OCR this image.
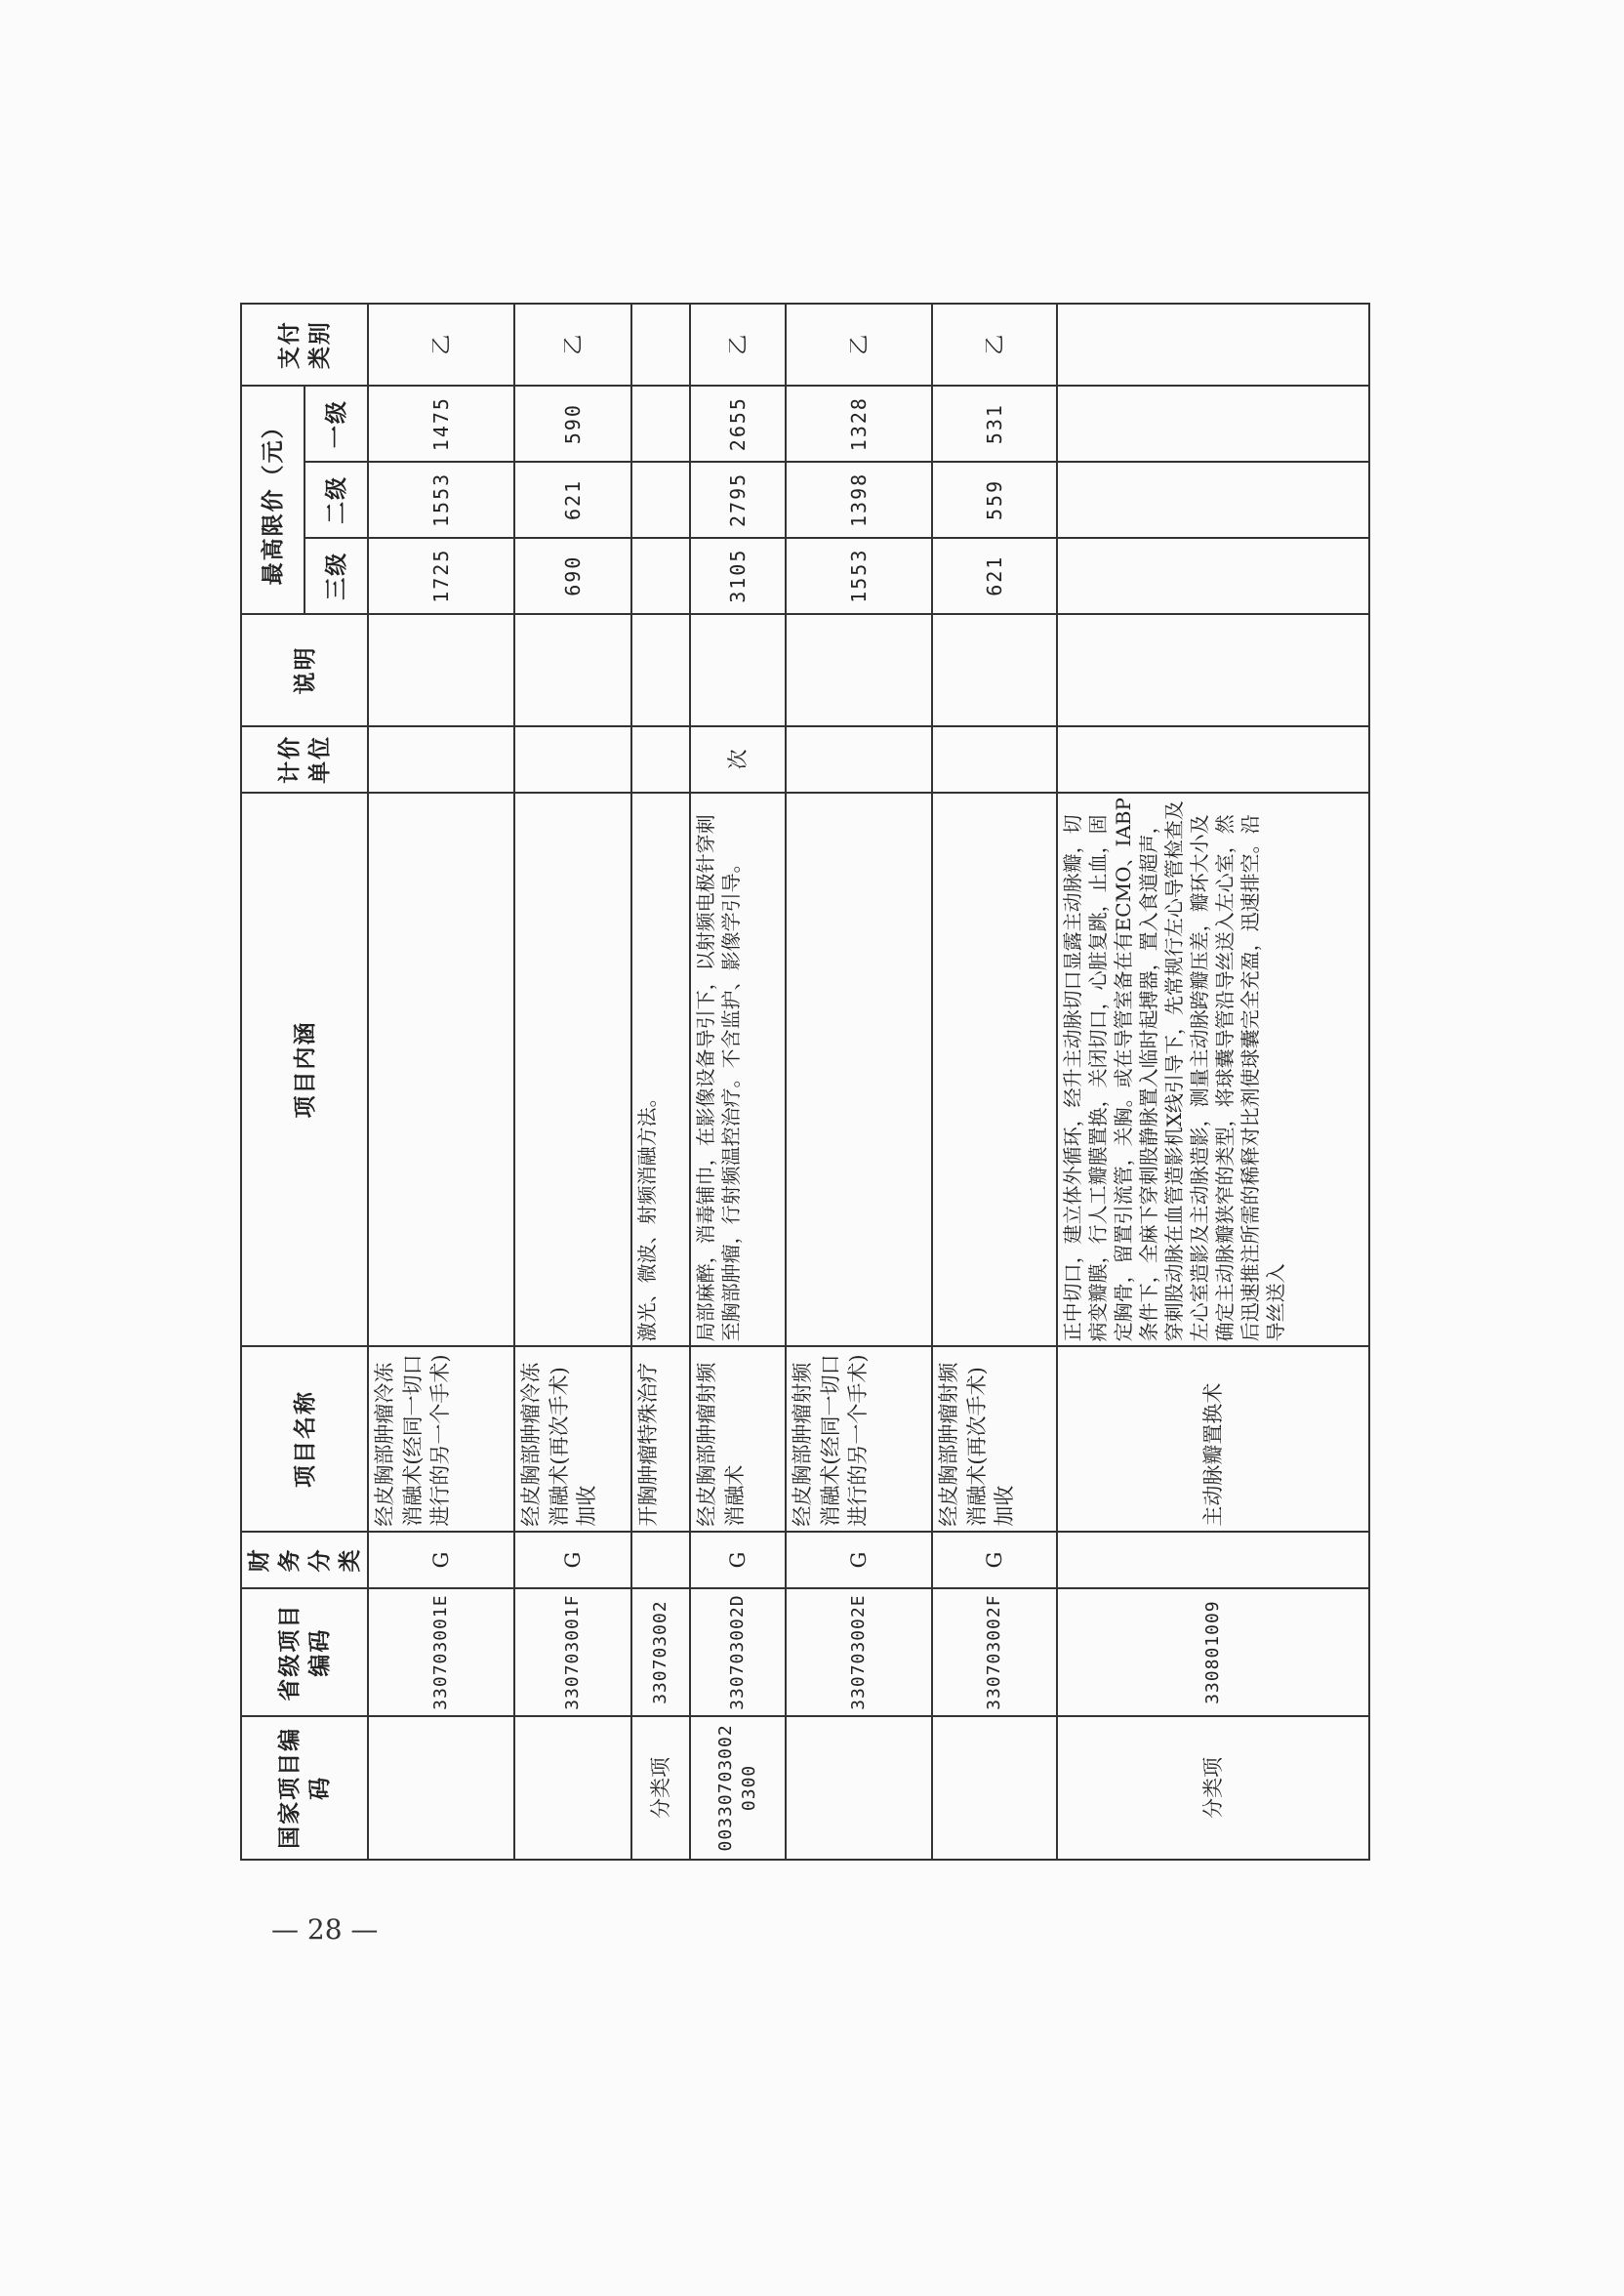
国家项目编码	省级项目编码	财务分类	项目名称	项目内涵	计价单位	说明	最高限价（元）			支付类别
							三级	二级	一级	
	330703001E	G	经皮胸部肿瘤冷冻消融术(经同一切口进行的另一个手术)				1725	1553	1475	乙
	330703001F	G	经皮胸部肿瘤冷冻消融术(再次手术)加收				690	621	590	乙
分类项	330703002		开胸肿瘤特殊治疗	激光、微波、射频消融方法。						
003307030020300	330703002D	G	经皮胸部肿瘤射频消融术	局部麻醉，消毒铺巾，在影像设备导引下，以射频电极针穿刺至胸部肿瘤，行射频温控治疗。不含监护、影像学引导。	次		3105	2795	2655	乙
	330703002E	G	经皮胸部肿瘤射频消融术(经同一切口进行的另一个手术)				1553	1398	1328	乙
	330703002F	G	经皮胸部肿瘤射频消融术(再次手术)加收				621	559	531	乙
分类项	330801009		主动脉瓣置换术	正中切口，建立体外循环，经升主动脉切口显露主动脉瓣，切病变瓣膜，行人工瓣膜置换，关闭切口，心脏复跳，止血，固定胸骨，留置引流管，关胸。或在导管室备在有ECMO、IABP条件下，全麻下穿刺股静脉置入临时起搏器，置入食道超声，穿刺股动脉在血管造影机X线引导下，先常规行左心导管检查及左心室造影及主动脉造影，测量主动脉跨瓣压差，瓣环大小及确定主动脉瓣狭窄的类型，将球囊导管沿导丝送入左心室，然后迅速推注所需的稀释对比剂使球囊完全充盈，迅速排空。沿导丝送入						
— 28 —
